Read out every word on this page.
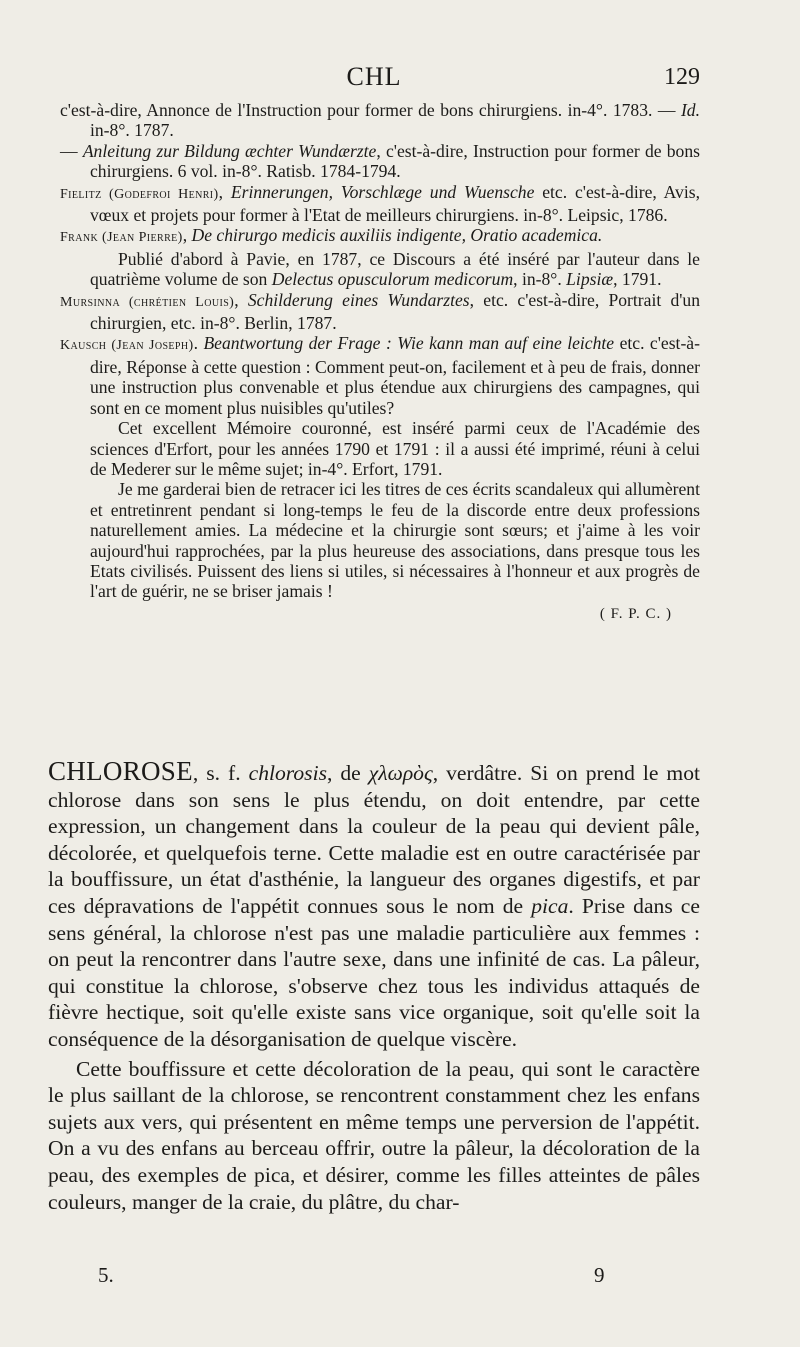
CHL	129

c'est-à-dire, Annonce de l'Instruction pour former de bons chirurgiens. in-4°. 1783. — Id. in-8°. 1787.

— Anleitung zur Bildung æchter Wundærzte, c'est-à-dire, Instruction pour former de bons chirurgiens. 6 vol. in-8°. Ratisb. 1784-1794.

Fielitz (Godefroi Henri), Erinnerungen, Vorschlæge und Wuensche etc. c'est-à-dire, Avis, vœux et projets pour former à l'Etat de meilleurs chirurgiens. in-8°. Leipsic, 1786.

Frank (Jean Pierre), De chirurgo medicis auxiliis indigente, Oratio academica.

Publié d'abord à Pavie, en 1787, ce Discours a été inséré par l'auteur dans le quatrième volume de son Delectus opusculorum medicorum, in-8°. Lipsiæ, 1791.

Mursinna (chrétien Louis), Schilderung eines Wundarztes, etc. c'est-à-dire, Portrait d'un chirurgien, etc. in-8°. Berlin, 1787.

Kausch (Jean Joseph). Beantwortung der Frage : Wie kann man auf eine leichte etc. c'est-à-dire, Réponse à cette question : Comment peut-on, facilement et à peu de frais, donner une instruction plus convenable et plus étendue aux chirurgiens des campagnes, qui sont en ce moment plus nuisibles qu'utiles?

Cet excellent Mémoire couronné, est inséré parmi ceux de l'Académie des sciences d'Erfort, pour les années 1790 et 1791 : il a aussi été imprimé, réuni à celui de Mederer sur le même sujet; in-4°. Erfort, 1791.

Je me garderai bien de retracer ici les titres de ces écrits scandaleux qui allumèrent et entretinrent pendant si long-temps le feu de la discorde entre deux professions naturellement amies. La médecine et la chirurgie sont sœurs; et j'aime à les voir aujourd'hui rapprochées, par la plus heureuse des associations, dans presque tous les Etats civilisés. Puissent des liens si utiles, si nécessaires à l'honneur et aux progrès de l'art de guérir, ne se briser jamais !

( F. P. C. )

CHLOROSE, s. f. chlorosis, de χλωρὸς, verdâtre. Si on prend le mot chlorose dans son sens le plus étendu, on doit entendre, par cette expression, un changement dans la couleur de la peau qui devient pâle, décolorée, et quelquefois terne. Cette maladie est en outre caractérisée par la bouffissure, un état d'asthénie, la langueur des organes digestifs, et par ces dépravations de l'appétit connues sous le nom de pica. Prise dans ce sens général, la chlorose n'est pas une maladie particulière aux femmes : on peut la rencontrer dans l'autre sexe, dans une infinité de cas. La pâleur, qui constitue la chlorose, s'observe chez tous les individus attaqués de fièvre hectique, soit qu'elle existe sans vice organique, soit qu'elle soit la conséquence de la désorganisation de quelque viscère.

Cette bouffissure et cette décoloration de la peau, qui sont le caractère le plus saillant de la chlorose, se rencontrent constamment chez les enfans sujets aux vers, qui présentent en même temps une perversion de l'appétit. On a vu des enfans au berceau offrir, outre la pâleur, la décoloration de la peau, des exemples de pica, et désirer, comme les filles atteintes de pâles couleurs, manger de la craie, du plâtre, du char-

5.	9
